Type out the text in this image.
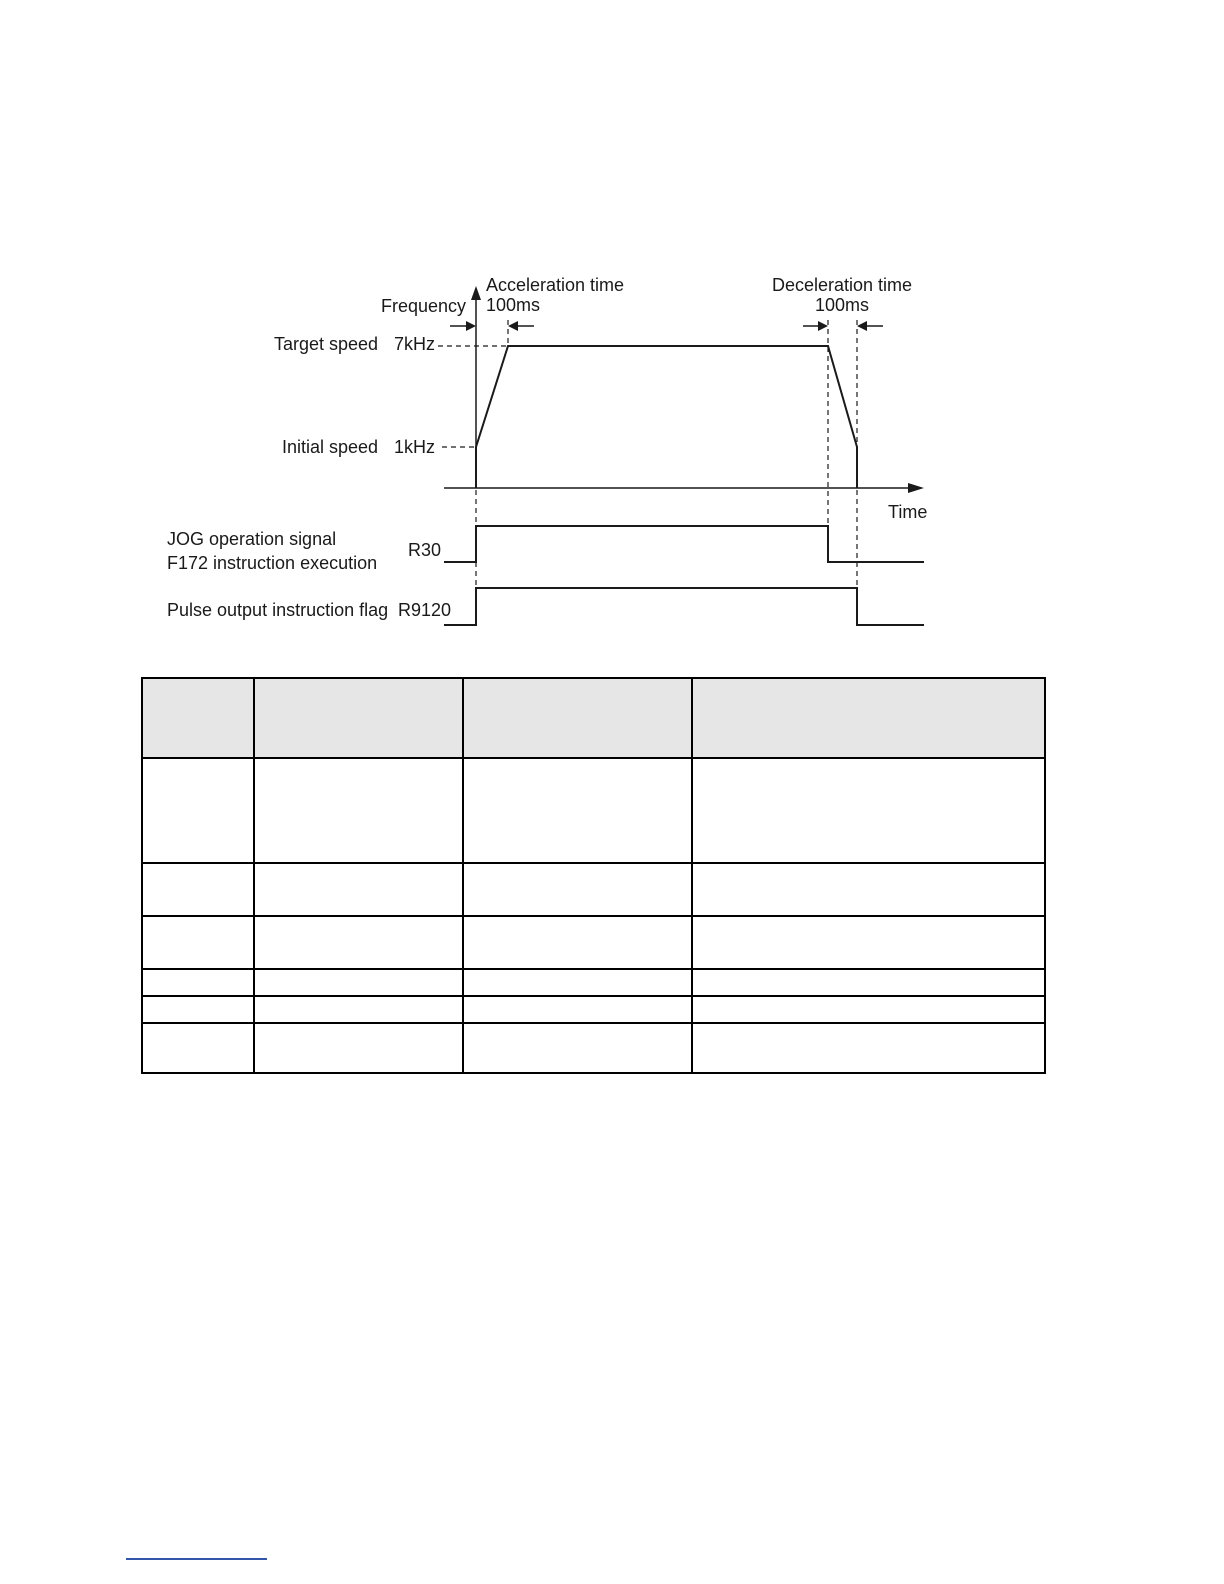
Frequency
Acceleration time
100ms
Deceleration time
100ms
Target speed 7kHz
Initial speed 1kHz
Time
JOG operation signal
F172 instruction execution
R30
Pulse output instruction flag R9120
